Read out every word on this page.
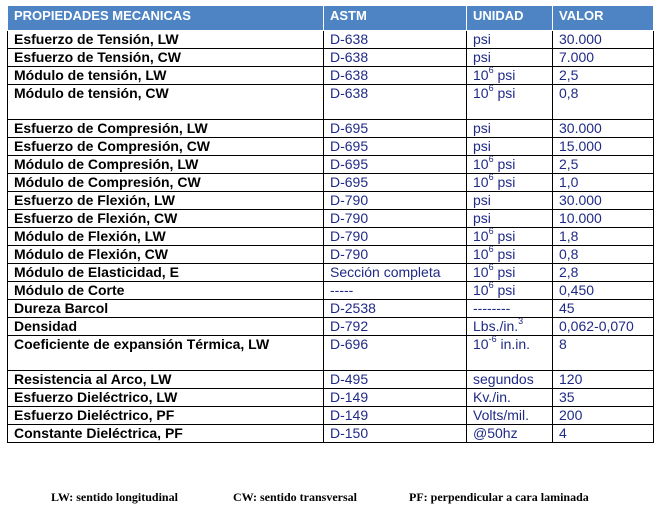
PROPIEDADES MECANICAS	ASTM	UNIDAD	VALOR
Esfuerzo de Tensión, LW	D-638	psi	30.000
Esfuerzo de Tensión, CW	D-638	psi	7.000
Módulo de tensión, LW	D-638	$10^6$ psi	2,5
Módulo de tensión, CW	D-638	$10^6$ psi	0,8
Esfuerzo de Compresión, LW	D-695	psi	30.000
Esfuerzo de Compresión, CW	D-695	psi	15.000
Módulo de Compresión, LW	D-695	$10^6$ psi	2,5
Módulo de Compresión, CW	D-695	$10^6$ psi	1,0
Esfuerzo de Flexión, LW	D-790	psi	30.000
Esfuerzo de Flexión, CW	D-790	psi	10.000
Módulo de Flexión, LW	D-790	$10^6$ psi	1,8
Módulo de Flexión, CW	D-790	$10^6$ psi	0,8
Módulo de Elasticidad, E	Sección completa	$10^6$ psi	2,8
Módulo de Corte	-----	$10^6$ psi	0,450
Dureza Barcol	D-2538	--------	45
Densidad	D-792	Lbs./in.$^3$	0,062-0,070
Coeficiente de expansión Térmica, LW	D-696	$10^{-6}$ in.in.	8
Resistencia al Arco, LW	D-495	segundos	120
Esfuerzo Dieléctrico, LW	D-149	Kv./in.	35
Esfuerzo Dieléctrico, PF	D-149	Volts/mil.	200
Constante Dieléctrica, PF	D-150	@50hz	4
LW: sentido longitudinal	CW: sentido transversal	PF: perpendicular a cara laminada
